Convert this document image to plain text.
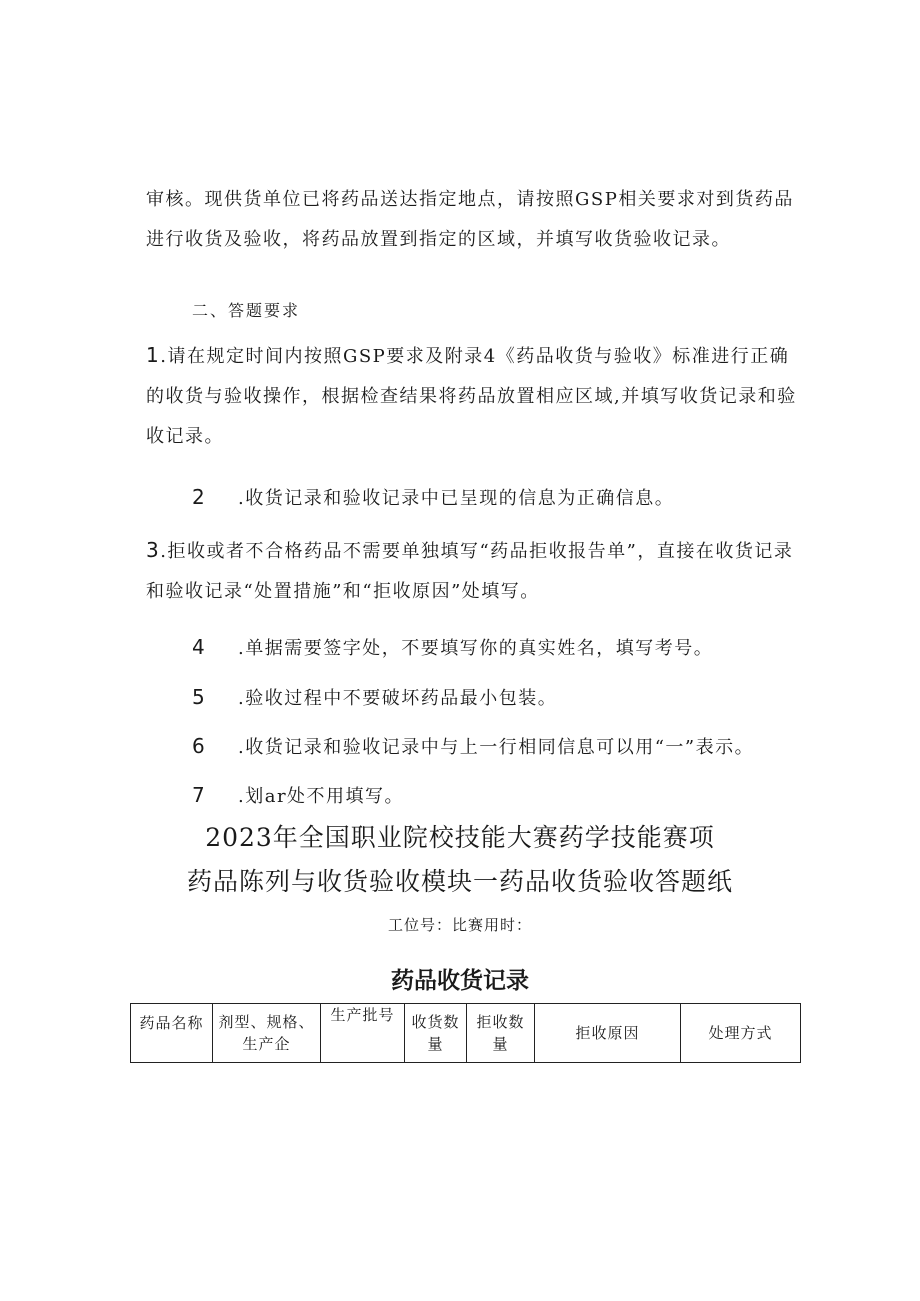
审核。现供货单位已将药品送达指定地点，请按照GSP相关要求对到货药品进行收货及验收，将药品放置到指定的区域，并填写收货验收记录。

二、答题要求

1.请在规定时间内按照GSP要求及附录4《药品收货与验收》标准进行正确的收货与验收操作，根据检查结果将药品放置相应区域,并填写收货记录和验收记录。

2 .收货记录和验收记录中已呈现的信息为正确信息。

3.拒收或者不合格药品不需要单独填写“药品拒收报告单”，直接在收货记录和验收记录“处置措施”和“拒收原因”处填写。

4 .单据需要签字处，不要填写你的真实姓名，填写考号。

5 .验收过程中不要破坏药品最小包装。

6 .收货记录和验收记录中与上一行相同信息可以用“一”表示。

7 .划ar处不用填写。

2023年全国职业院校技能大赛药学技能赛项
药品陈列与收货验收模块一药品收货验收答题纸
工位号：比赛用时：
药品收货记录
药品名称	剂型、规格、生产企	生产批号	收货数量	拒收数量	拒收原因	处理方式
